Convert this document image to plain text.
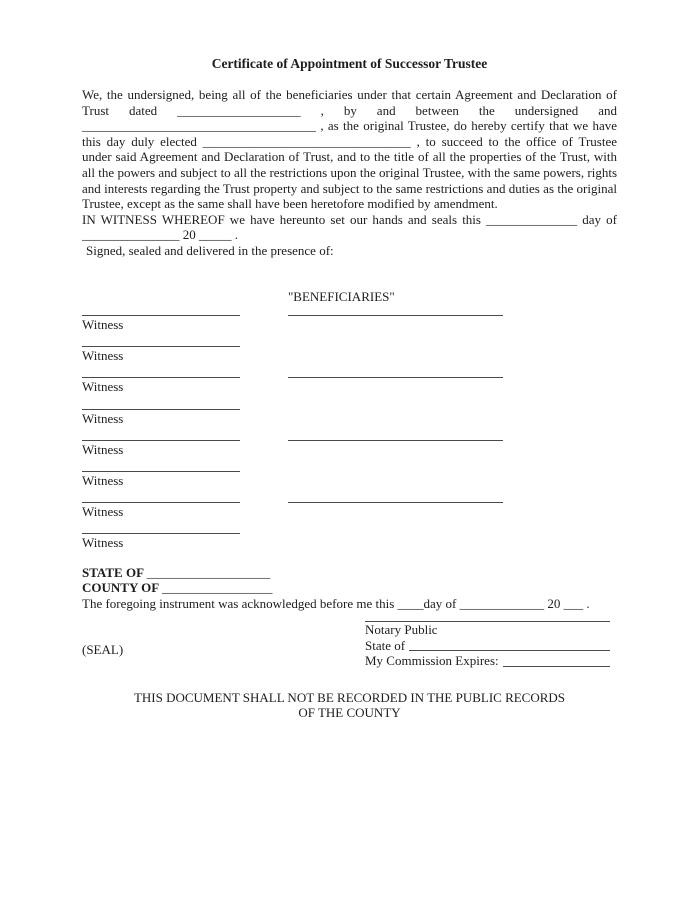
Certificate of Appointment of Successor Trustee

We, the undersigned, being all of the beneficiaries under that certain Agreement and Declaration of Trust dated ___________________ , by and between the undersigned and ____________________________________ , as the original Trustee, do hereby certify that we have this day duly elected ________________________________ , to succeed to the office of Trustee under said Agreement and Declaration of Trust, and to the title of all the properties of the Trust, with all the powers and subject to all the restrictions upon the original Trustee, with the same powers, rights and interests regarding the Trust property and subject to the same restrictions and duties as the original Trustee, except as the same shall have been heretofore modified by amendment.

IN WITNESS WHEREOF we have hereunto set our hands and seals this ______________ day of _______________ 20 _____ .

Signed, sealed and delivered in the presence of:

"BENEFICIARIES"
Witness
Witness
Witness
Witness
Witness
Witness
Witness
Witness

STATE OF ___________________

COUNTY OF _________________

The foregoing instrument was acknowledged before me this ____day of _____________ 20 ___ .

(SEAL)
Notary Public
State of
My Commission Expires:
THIS DOCUMENT SHALL NOT BE RECORDED IN THE PUBLIC RECORDS
OF THE COUNTY
